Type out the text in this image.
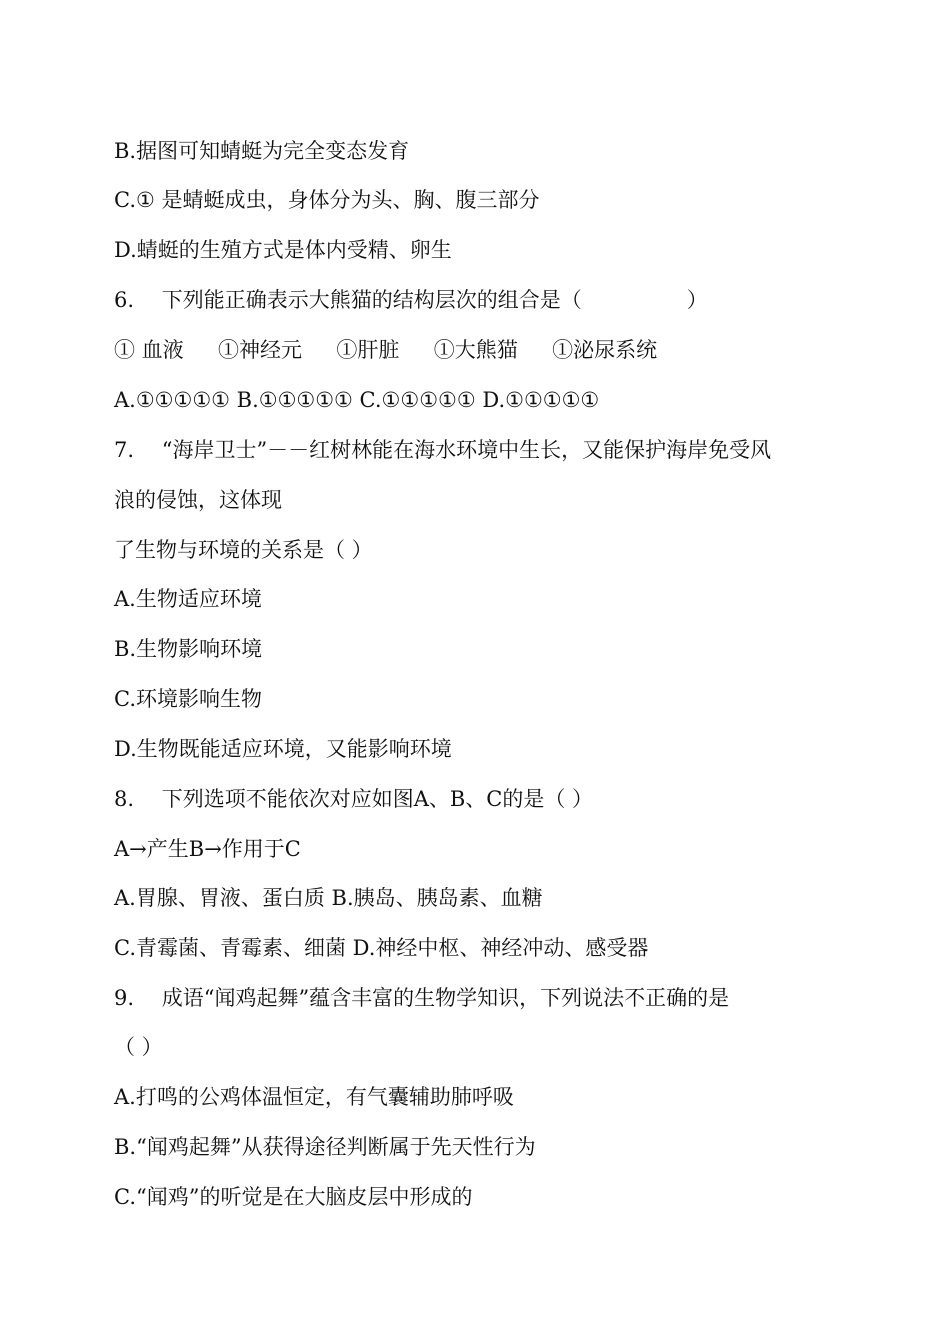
B.据图可知蜻蜓为完全变态发育
C.① 是蜻蜓成虫，身体分为头、胸、腹三部分
D.蜻蜓的生殖方式是体内受精、卵生
6.　 下列能正确表示大熊猫的结构层次的组合是（　　　　　）
① 血液 　 ①神经元 　 ①肝脏 　 ①大熊猫 　 ①泌尿系统
A.①①①①① B.①①①①① C.①①①①① D.①①①①①
7.　 “海岸卫士”－－红树林能在海水环境中生长，又能保护海岸免受风
浪的侵蚀，这体现
了生物与环境的关系是（ ）
A.生物适应环境
B.生物影响环境
C.环境影响生物
D.生物既能适应环境，又能影响环境
8.　 下列选项不能依次对应如图A、B、C的是（ ）
A→产生B→作用于C
A.胃腺、胃液、蛋白质 B.胰岛、胰岛素、血糖
C.青霉菌、青霉素、细菌 D.神经中枢、神经冲动、感受器
9.　 成语“闻鸡起舞”蕴含丰富的生物学知识，下列说法不正确的是
（ ）
A.打鸣的公鸡体温恒定，有气囊辅助肺呼吸
B.“闻鸡起舞”从获得途径判断属于先天性行为
C.“闻鸡”的听觉是在大脑皮层中形成的
